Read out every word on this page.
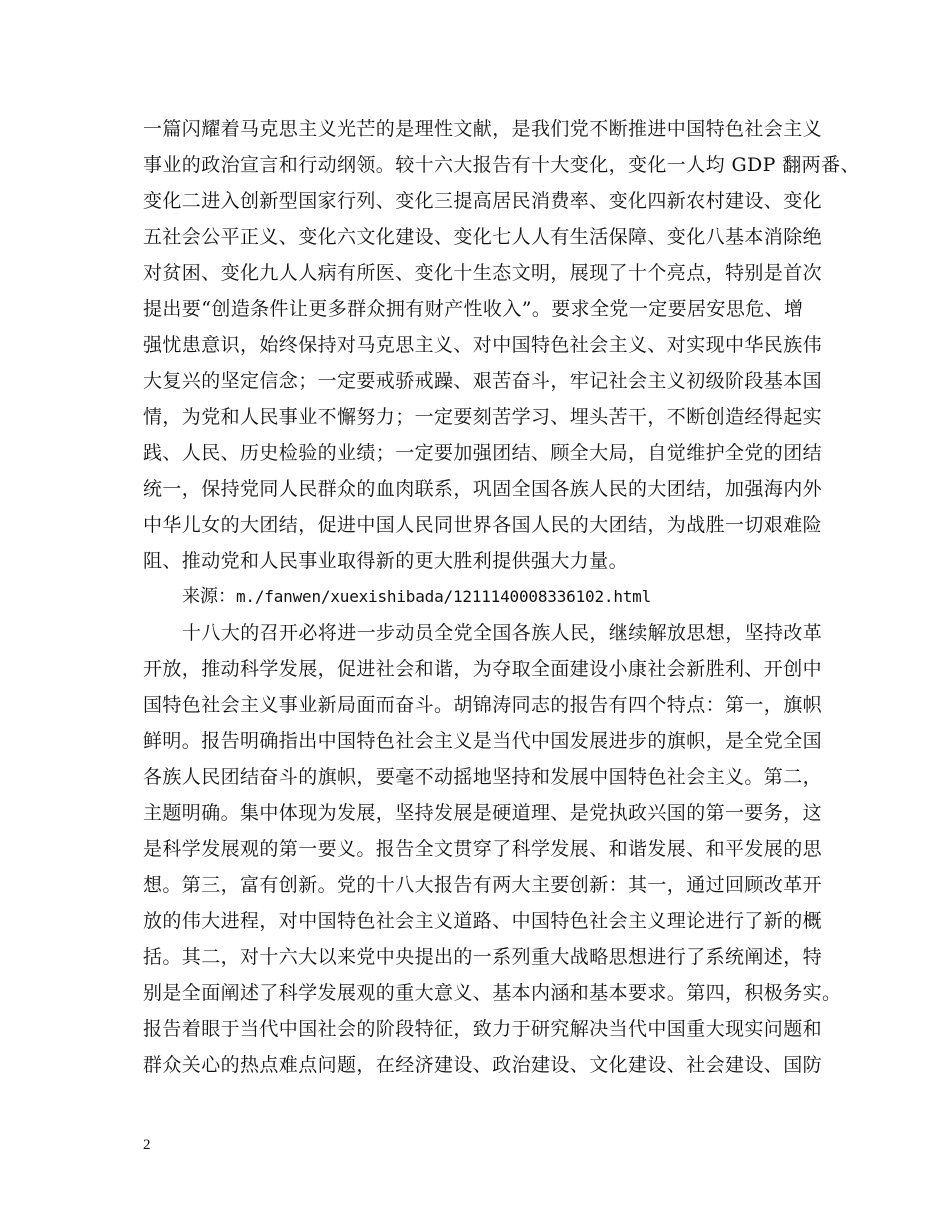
一篇闪耀着马克思主义光芒的是理性文献，是我们党不断推进中国特色社会主义
事业的政治宣言和行动纲领。较十六大报告有十大变化，变化一人均 GDP 翻两番、
变化二进入创新型国家行列、变化三提高居民消费率、变化四新农村建设、变化
五社会公平正义、变化六文化建设、变化七人人有生活保障、变化八基本消除绝
对贫困、变化九人人病有所医、变化十生态文明，展现了十个亮点，特别是首次
提出要“创造条件让更多群众拥有财产性收入”。要求全党一定要居安思危、增
强忧患意识，始终保持对马克思主义、对中国特色社会主义、对实现中华民族伟
大复兴的坚定信念；一定要戒骄戒躁、艰苦奋斗，牢记社会主义初级阶段基本国
情，为党和人民事业不懈努力；一定要刻苦学习、埋头苦干，不断创造经得起实
践、人民、历史检验的业绩；一定要加强团结、顾全大局，自觉维护全党的团结
统一，保持党同人民群众的血肉联系，巩固全国各族人民的大团结，加强海内外
中华儿女的大团结，促进中国人民同世界各国人民的大团结，为战胜一切艰难险
阻、推动党和人民事业取得新的更大胜利提供强大力量。
来源：m./fanwen/xuexishibada/1211140008336102.html
十八大的召开必将进一步动员全党全国各族人民，继续解放思想，坚持改革
开放，推动科学发展，促进社会和谐，为夺取全面建设小康社会新胜利、开创中
国特色社会主义事业新局面而奋斗。胡锦涛同志的报告有四个特点：第一，旗帜
鲜明。报告明确指出中国特色社会主义是当代中国发展进步的旗帜，是全党全国
各族人民团结奋斗的旗帜，要毫不动摇地坚持和发展中国特色社会主义。第二，
主题明确。集中体现为发展，坚持发展是硬道理、是党执政兴国的第一要务，这
是科学发展观的第一要义。报告全文贯穿了科学发展、和谐发展、和平发展的思
想。第三，富有创新。党的十八大报告有两大主要创新：其一，通过回顾改革开
放的伟大进程，对中国特色社会主义道路、中国特色社会主义理论进行了新的概
括。其二，对十六大以来党中央提出的一系列重大战略思想进行了系统阐述，特
别是全面阐述了科学发展观的重大意义、基本内涵和基本要求。第四，积极务实。
报告着眼于当代中国社会的阶段特征，致力于研究解决当代中国重大现实问题和
群众关心的热点难点问题，在经济建设、政治建设、文化建设、社会建设、国防
2
